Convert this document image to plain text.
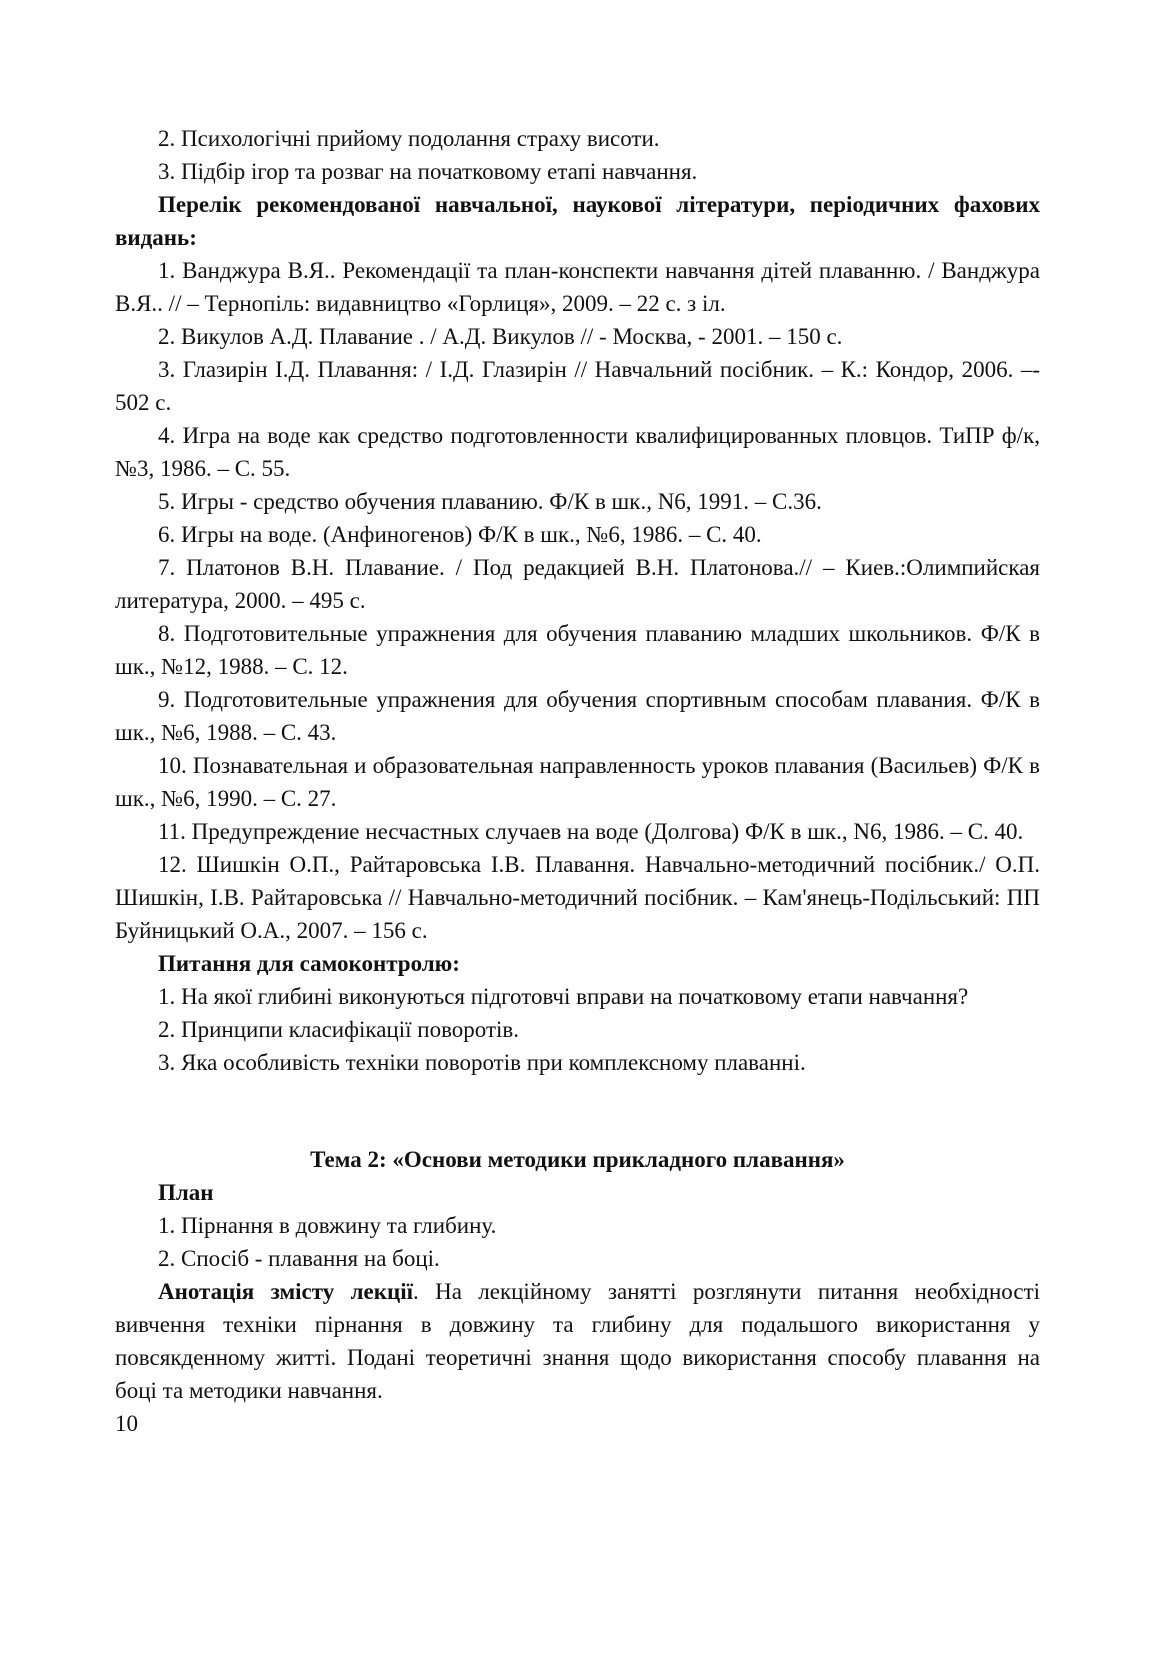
2. Психологічні прийому подолання страху висоти.

3. Підбір ігор та розваг на початковому етапі навчання.

Перелік рекомендованої навчальної, наукової літератури, періодичних фахових видань:

1. Ванджура В.Я.. Рекомендації та план-конспекти навчання дітей плаванню. / Ванджура В.Я.. // – Тернопіль: видавництво «Горлиця», 2009. – 22 с. з іл.

2. Викулов А.Д. Плавание . / А.Д. Викулов // - Москва, - 2001. – 150 с.

3. Глазирін І.Д. Плавання: / І.Д. Глазирін // Навчальний посібник. – К.: Кондор, 2006. –- 502 с.

4. Игра на воде как средство подготовленности квалифицированных пловцов. ТиПР ф/к, №3, 1986. – С. 55.

5. Игры - средство обучения плаванию. Ф/К в шк., N6, 1991. – С.36.

6. Игры на воде. (Анфиногенов) Ф/К в шк., №6, 1986. – С. 40.

7. Платонов В.Н. Плавание. / Под редакцией В.Н. Платонова.// – Киев.:Олимпийская литература, 2000. – 495 с.

8. Подготовительные упражнения для обучения плаванию младших школьников. Ф/К в шк., №12, 1988. – С. 12.

9. Подготовительные упражнения для обучения спортивным способам плавания. Ф/К в шк., №6, 1988. – С. 43.

10. Познавательная и образовательная направленность уроков плавания (Васильев) Ф/К в шк., №6, 1990. – С. 27.

11. Предупреждение несчастных случаев на воде (Долгова) Ф/К в шк., N6, 1986. – С. 40.

12. Шишкін О.П., Райтаровська І.В. Плавання. Навчально-методичний посібник./ О.П. Шишкін, І.В. Райтаровська // Навчально-методичний посібник. – Кам'янець-Подільський: ПП Буйницький О.А., 2007. – 156 с.

Питання для самоконтролю:

1. На якої глибині виконуються підготовчі вправи на початковому етапи навчання?

2. Принципи класифікації поворотів.

3. Яка особливість техніки поворотів при комплексному плаванні.

Тема 2: «Основи методики прикладного плавання»

План

1. Пірнання в довжину та глибину.

2. Спосіб - плавання на боці.

Анотація змісту лекції. На лекційному занятті розглянути питання необхідності вивчення техніки пірнання в довжину та глибину для подальшого використання у повсякденному житті. Подані теоретичні знання щодо використання способу плавання на боці та методики навчання.

10
